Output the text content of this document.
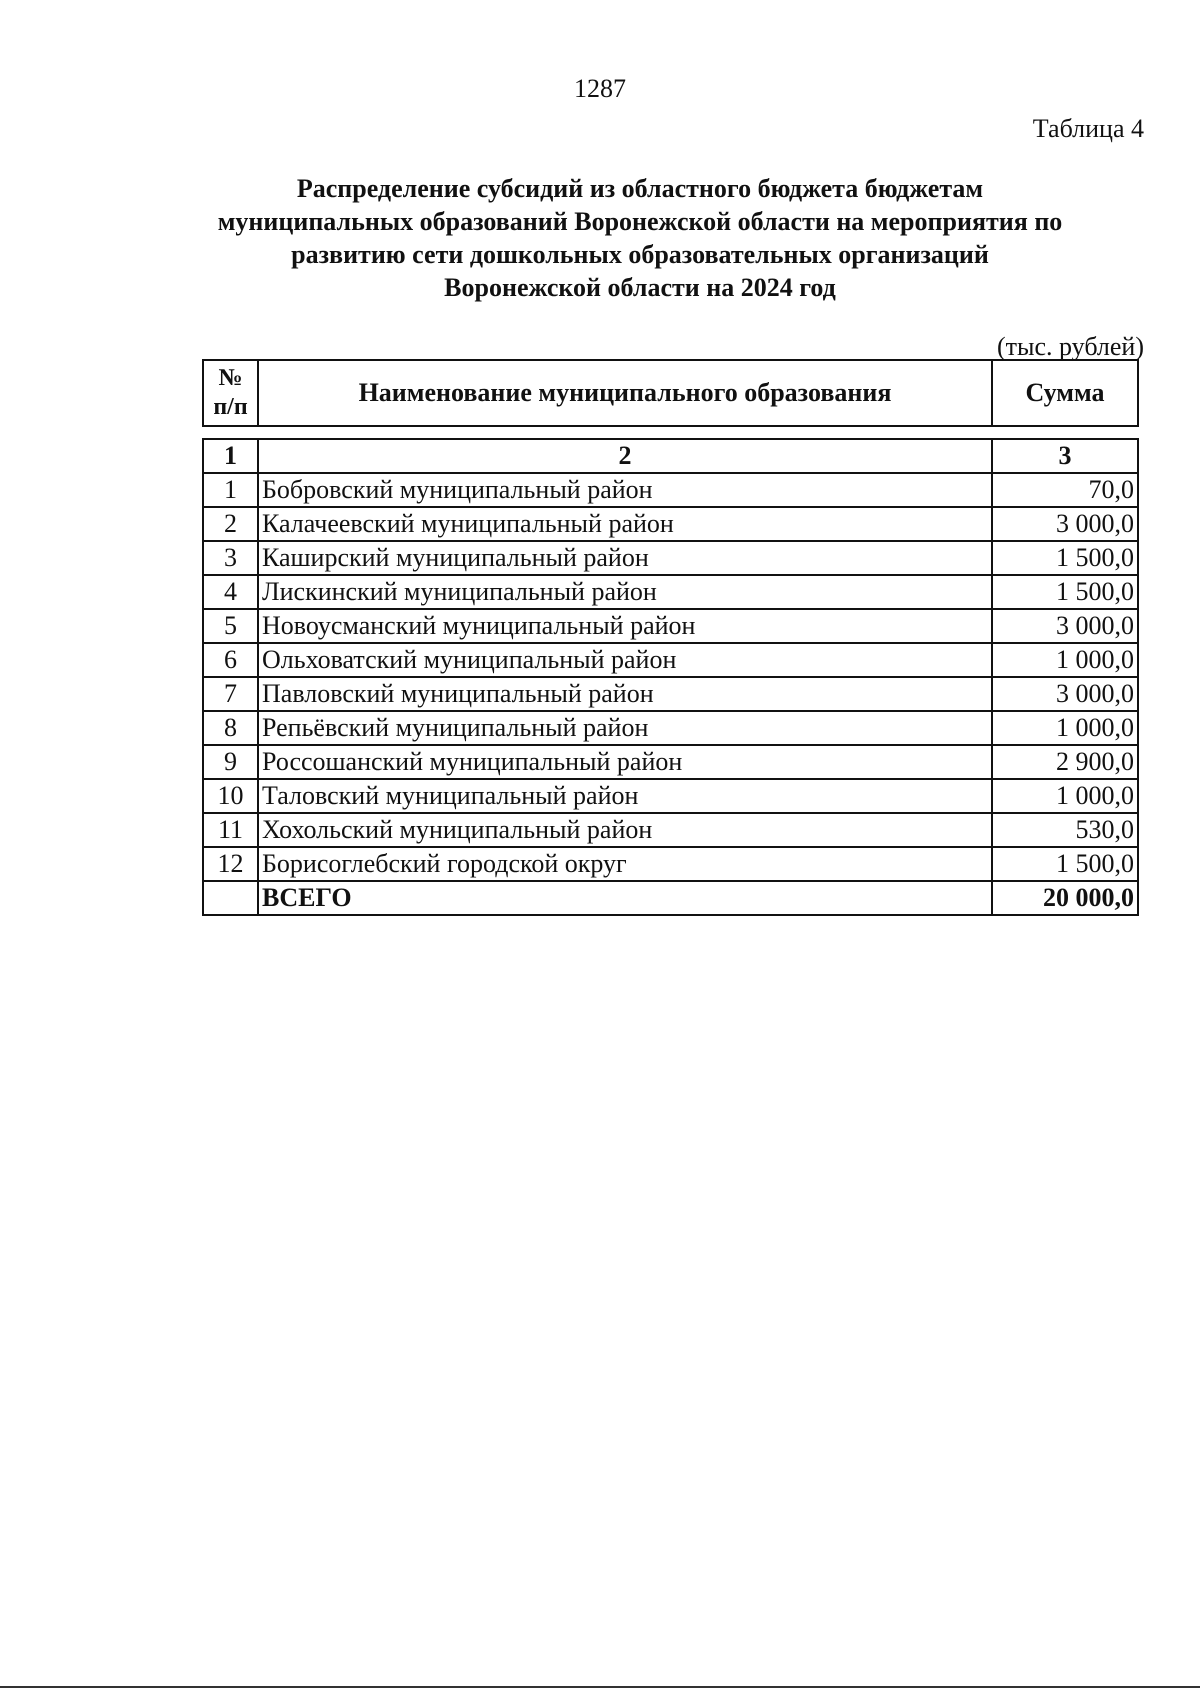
1287
Таблица 4
Распределение субсидий из областного бюджета бюджетам
муниципальных образований Воронежской области на мероприятия по
развитию сети дошкольных образовательных организаций
Воронежской области на 2024 год
(тыс. рублей)
№
п/п	Наименование муниципального образования	Сумма
1	2	3
1	Бобровский муниципальный район	70,0
2	Калачеевский муниципальный район	3 000,0
3	Каширский муниципальный район	1 500,0
4	Лискинский муниципальный район	1 500,0
5	Новоусманский муниципальный район	3 000,0
6	Ольховатский муниципальный район	1 000,0
7	Павловский муниципальный район	3 000,0
8	Репьёвский муниципальный район	1 000,0
9	Россошанский муниципальный район	2 900,0
10	Таловский муниципальный район	1 000,0
11	Хохольский муниципальный район	530,0
12	Борисоглебский городской округ	1 500,0
	ВСЕГО	20 000,0
